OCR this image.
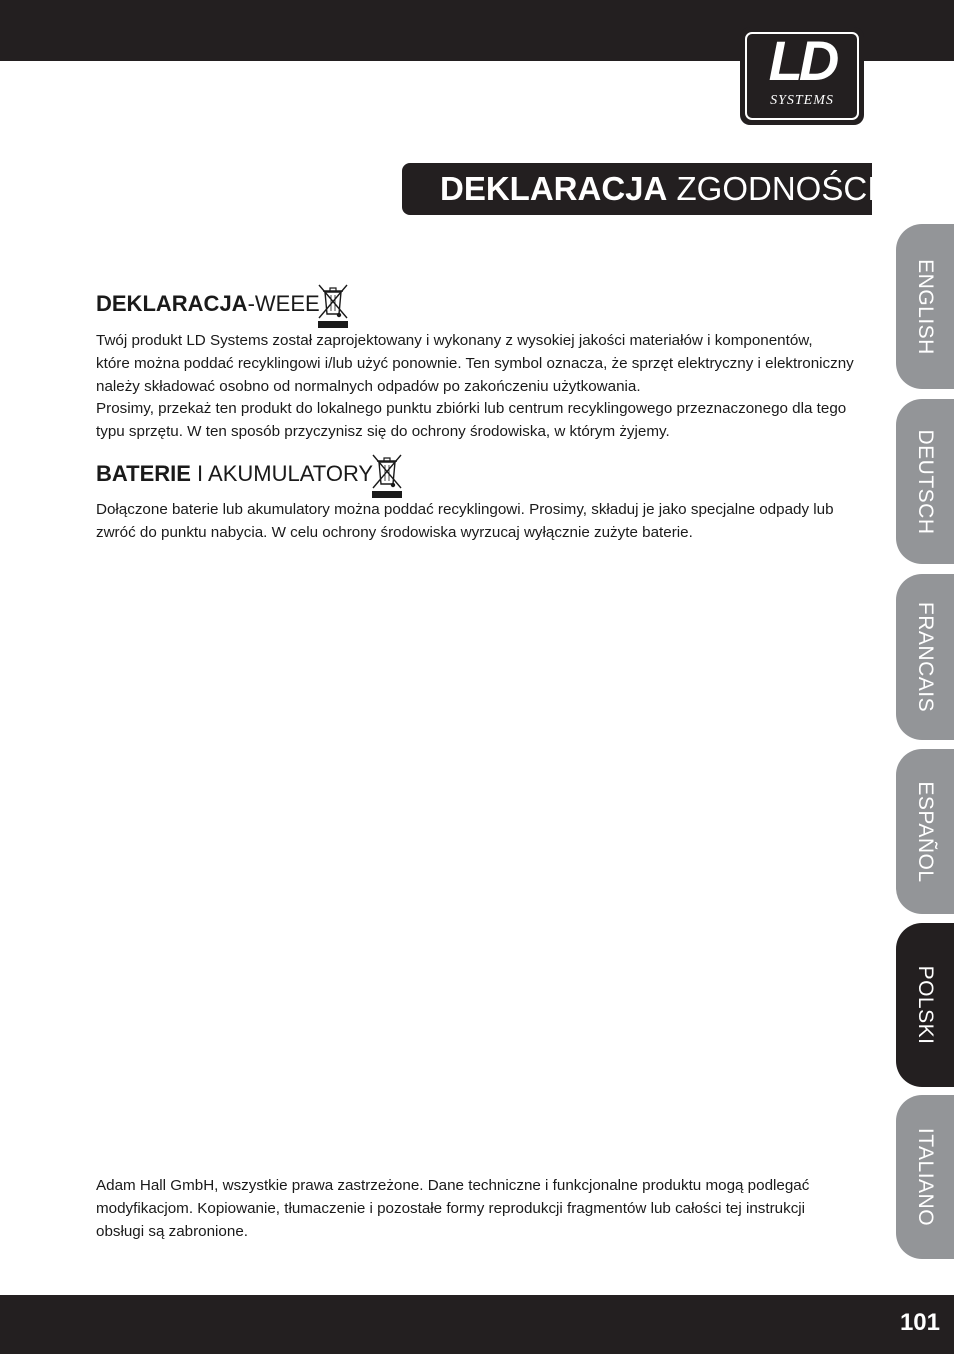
LD
SYSTEMS
DEKLARACJA ZGODNOŚCI WE:
ENGLISH
DEUTSCH
FRANCAIS
ESPAÑOL
POLSKI
ITALIANO
DEKLARACJA-WEEE
Twój produkt LD Systems został zaprojektowany i wykonany z wysokiej jakości materiałów i komponentów,
które można poddać recyklingowi i/lub użyć ponownie. Ten symbol oznacza, że sprzęt elektryczny i elektroniczny
należy składować osobno od normalnych odpadów po zakończeniu użytkowania.
Prosimy, przekaż ten produkt do lokalnego punktu zbiórki lub centrum recyklingowego przeznaczonego dla tego
typu sprzętu. W ten sposób przyczynisz się do ochrony środowiska, w którym żyjemy.
BATERIE I AKUMULATORY
Dołączone baterie lub akumulatory można poddać recyklingowi. Prosimy, składuj je jako specjalne odpady lub
zwróć do punktu nabycia. W celu ochrony środowiska wyrzucaj wyłącznie zużyte baterie.
Adam Hall GmbH, wszystkie prawa zastrzeżone. Dane techniczne i funkcjonalne produktu mogą podlegać
modyfikacjom. Kopiowanie, tłumaczenie i pozostałe formy reprodukcji fragmentów lub całości tej instrukcji
obsługi są zabronione.
101
